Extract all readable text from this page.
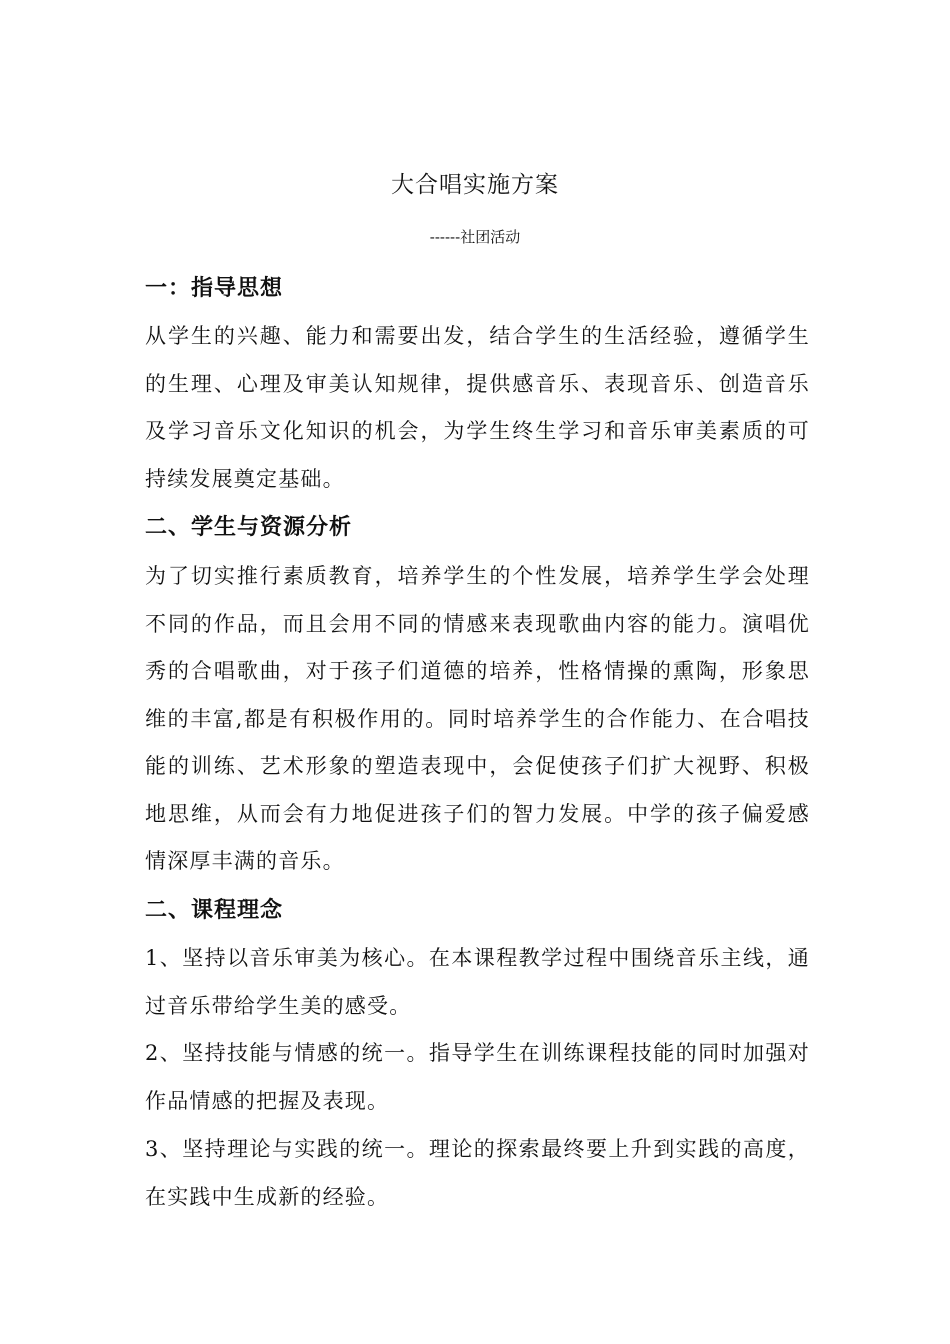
大合唱实施方案
------社团活动
一：指导思想

从学生的兴趣、能力和需要出发，结合学生的生活经验，遵循学生的生理、心理及审美认知规律，提供感音乐、表现音乐、创造音乐及学习音乐文化知识的机会，为学生终生学习和音乐审美素质的可持续发展奠定基础。

二、学生与资源分析

为了切实推行素质教育，培养学生的个性发展，培养学生学会处理不同的作品，而且会用不同的情感来表现歌曲内容的能力。演唱优秀的合唱歌曲，对于孩子们道德的培养，性格情操的熏陶，形象思维的丰富,都是有积极作用的。同时培养学生的合作能力、在合唱技能的训练、艺术形象的塑造表现中，会促使孩子们扩大视野、积极地思维，从而会有力地促进孩子们的智力发展。中学的孩子偏爱感情深厚丰满的音乐。

二、课程理念

1、坚持以音乐审美为核心。在本课程教学过程中围绕音乐主线，通过音乐带给学生美的感受。

2、坚持技能与情感的统一。指导学生在训练课程技能的同时加强对作品情感的把握及表现。

3、坚持理论与实践的统一。理论的探索最终要上升到实践的高度，在实践中生成新的经验。
